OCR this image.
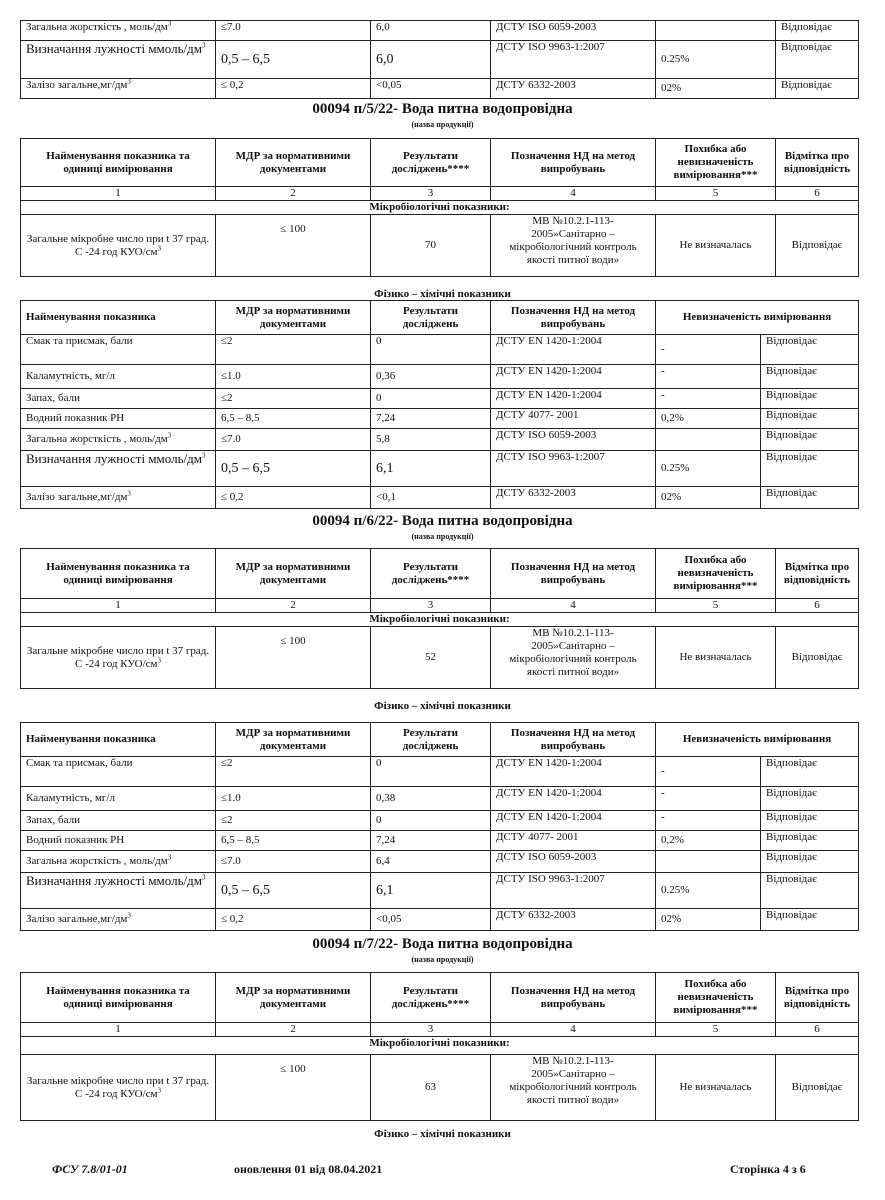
Загальна жорсткість , моль/$дм^3$	≤7.0	6,0	ДСТУ ISO 6059-2003		Відповідає
Визначання лужності ммоль/$дм^3$	0,5 – 6,5	6,0	ДСТУ ISO 9963-1:2007	0.25%	Відповідає
Залізо $загальне,мг/дм^3$	≤ 0,2	<0,05	ДСТУ 6332-2003	02%	Відповідає
00094 п/5/22- Вода питна водопровідна
(назва продукції)
Найменування показника та одиниці вимірювання	МДР за нормативними документами	Результати досліджень****	Позначення НД на метод випробувань	Похибка або невизначеність вимірювання***	Відмітка про відповідність
1	2	3	4	5	6
Мікробіологічні показники:					
Загальне мікробне число при t 37 град. С -24 год КУО/$см^3$	≤ 100	70	МВ №10.2.1-113-2005»Санітарно – мікробіологічний контроль якості питної води»	Не визначалась	Відповідає
Фізико – хімічні показники
Найменування показника	МДР за нормативними документами	Результати досліджень	Позначення НД на метод випробувань	Невизначеність вимірювання	
Смак та присмак, бали	≤2	0	ДСТУ EN 1420-1:2004	-	Відповідає
Каламутність, мг/л	≤1.0	0,36	ДСТУ EN 1420-1:2004	-	Відповідає
Запах, бали	≤2	0	ДСТУ EN 1420-1:2004	-	Відповідає
Водний показник РН	6,5 – 8,5	7,24	ДСТУ 4077- 2001	0,2%	Відповідає
Загальна жорсткість , моль/$дм^3$	≤7.0	5,8	ДСТУ ISO 6059-2003		Відповідає
Визначання лужності ммоль/$дм^3$	0,5 – 6,5	6,1	ДСТУ ISO 9963-1:2007	0.25%	Відповідає
Залізо $загальне,мг/дм^3$	≤ 0,2	<0,1	ДСТУ 6332-2003	02%	Відповідає
00094 п/6/22- Вода питна водопровідна
(назва продукції)
Найменування показника та одиниці вимірювання	МДР за нормативними документами	Результати досліджень****	Позначення НД на метод випробувань	Похибка або невизначеність вимірювання***	Відмітка про відповідність
1	2	3	4	5	6
Мікробіологічні показники:					
Загальне мікробне число при t 37 град. С -24 год КУО/$см^3$	≤ 100	52	МВ №10.2.1-113-2005»Санітарно – мікробіологічний контроль якості питної води»	Не визначалась	Відповідає
Фізико – хімічні показники
Найменування показника	МДР за нормативними документами	Результати досліджень	Позначення НД на метод випробувань	Невизначеність вимірювання	
Смак та присмак, бали	≤2	0	ДСТУ EN 1420-1:2004	-	Відповідає
Каламутність, мг/л	≤1.0	0,38	ДСТУ EN 1420-1:2004	-	Відповідає
Запах, бали	≤2	0	ДСТУ EN 1420-1:2004	-	Відповідає
Водний показник РН	6,5 – 8,5	7,24	ДСТУ 4077- 2001	0,2%	Відповідає
Загальна жорсткість , моль/$дм^3$	≤7.0	6,4	ДСТУ ISO 6059-2003		Відповідає
Визначання лужності ммоль/$дм^3$	0,5 – 6,5	6,1	ДСТУ ISO 9963-1:2007	0.25%	Відповідає
Залізо $загальне,мг/дм^3$	≤ 0,2	<0,05	ДСТУ 6332-2003	02%	Відповідає
00094 п/7/22- Вода питна водопровідна
(назва продукції)
Найменування показника та одиниці вимірювання	МДР за нормативними документами	Результати досліджень****	Позначення НД на метод випробувань	Похибка або невизначеність вимірювання***	Відмітка про відповідність
1	2	3	4	5	6
Мікробіологічні показники:					
Загальне мікробне число при t 37 град. С -24 год КУО/$см^3$	≤ 100	63	МВ №10.2.1-113-2005»Санітарно – мікробіологічний контроль якості питної води»	Не визначалась	Відповідає
Фізико – хімічні показники
ФСУ 7.8/01-01	оновлення 01 від 08.04.2021	Сторінка 4 з 6
